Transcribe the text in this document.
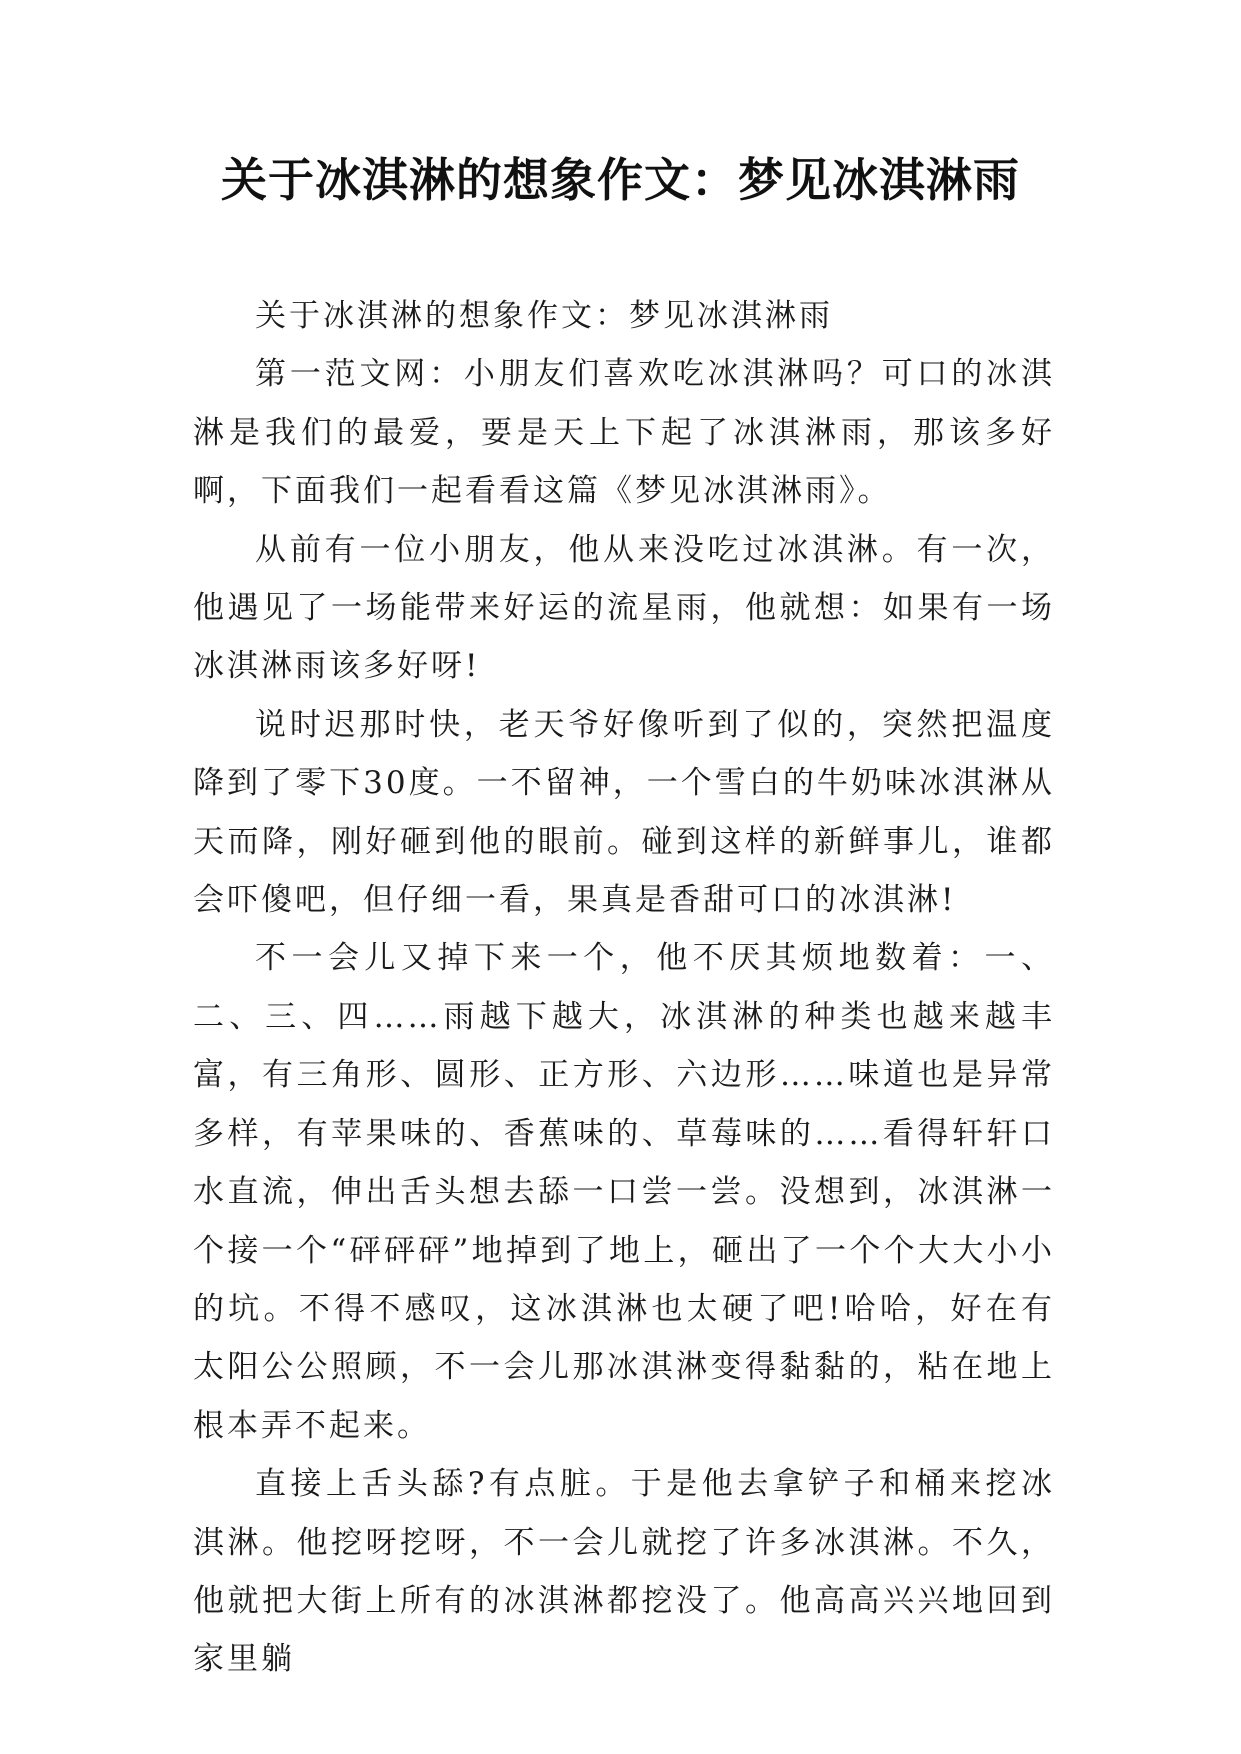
关于冰淇淋的想象作文：梦见冰淇淋雨

关于冰淇淋的想象作文：梦见冰淇淋雨

第一范文网：小朋友们喜欢吃冰淇淋吗？可口的冰淇淋是我们的最爱，要是天上下起了冰淇淋雨，那该多好啊，下面我们一起看看这篇《梦见冰淇淋雨》。

从前有一位小朋友，他从来没吃过冰淇淋。有一次，他遇见了一场能带来好运的流星雨，他就想：如果有一场冰淇淋雨该多好呀!

说时迟那时快，老天爷好像听到了似的，突然把温度降到了零下30度。一不留神，一个雪白的牛奶味冰淇淋从天而降，刚好砸到他的眼前。碰到这样的新鲜事儿，谁都会吓傻吧，但仔细一看，果真是香甜可口的冰淇淋!

不一会儿又掉下来一个，他不厌其烦地数着：一、二、三、四……雨越下越大，冰淇淋的种类也越来越丰富，有三角形、圆形、正方形、六边形……味道也是异常多样，有苹果味的、香蕉味的、草莓味的……看得轩轩口水直流，伸出舌头想去舔一口尝一尝。没想到，冰淇淋一个接一个“砰砰砰”地掉到了地上，砸出了一个个大大小小的坑。不得不感叹，这冰淇淋也太硬了吧!哈哈，好在有太阳公公照顾，不一会儿那冰淇淋变得黏黏的，粘在地上根本弄不起来。

直接上舌头舔?有点脏。于是他去拿铲子和桶来挖冰淇淋。他挖呀挖呀，不一会儿就挖了许多冰淇淋。不久，他就把大街上所有的冰淇淋都挖没了。他高高兴兴地回到家里躺
